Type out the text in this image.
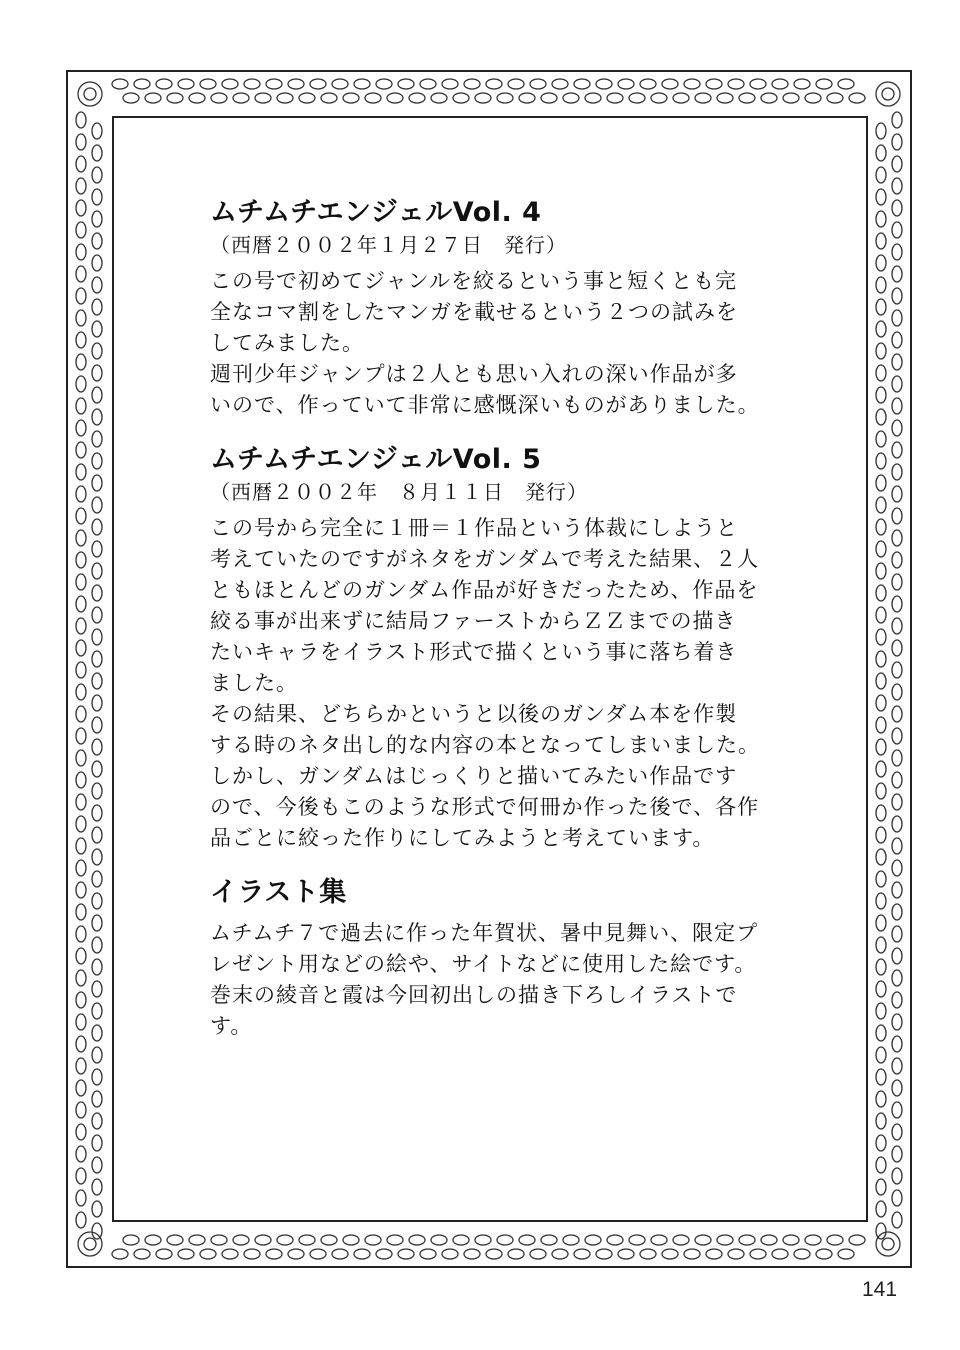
ムチムチエンジェルVol. 4
（西暦２００２年１月２７日　発行）

この号で初めてジャンルを絞るという事と短くとも完

全なコマ割をしたマンガを載せるという２つの試みを

してみました。

週刊少年ジャンプは２人とも思い入れの深い作品が多

いので、作っていて非常に感慨深いものがありました。

ムチムチエンジェルVol. 5
（西暦２００２年　８月１１日　発行）

この号から完全に１冊＝１作品という体裁にしようと

考えていたのですがネタをガンダムで考えた結果、２人

ともほとんどのガンダム作品が好きだったため、作品を

絞る事が出来ずに結局ファーストからＺＺまでの描き

たいキャラをイラスト形式で描くという事に落ち着き

ました。

その結果、どちらかというと以後のガンダム本を作製

する時のネタ出し的な内容の本となってしまいました。

しかし、ガンダムはじっくりと描いてみたい作品です

ので、今後もこのような形式で何冊か作った後で、各作

品ごとに絞った作りにしてみようと考えています。

イラスト集

ムチムチ７で過去に作った年賀状、暑中見舞い、限定プ

レゼント用などの絵や、サイトなどに使用した絵です。

巻末の綾音と霞は今回初出しの描き下ろしイラストで

す。

141
